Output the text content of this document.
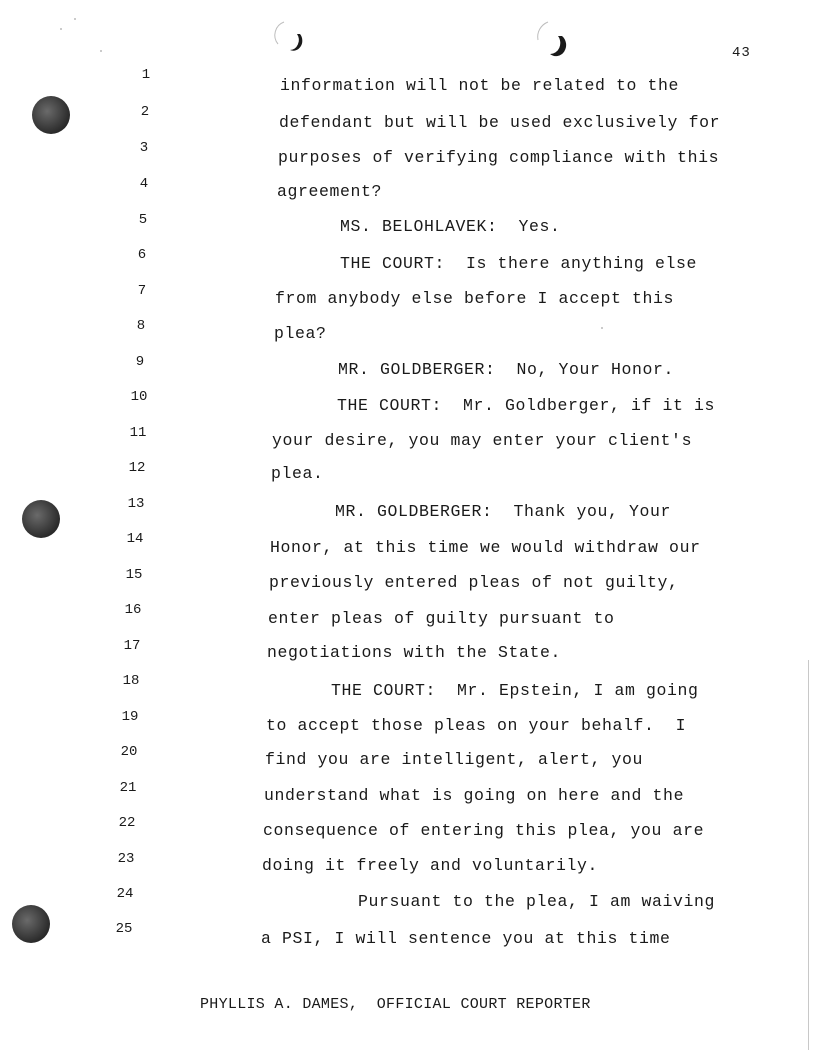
43
1
information will not be related to the
2
defendant but will be used exclusively for
3	purposes of verifying compliance with this
4	agreement?
5	MS. BELOHLAVEK:  Yes.
6	THE COURT:  Is there anything else
7	from anybody else before I accept this
8	plea?
9	MR. GOLDBERGER:  No, Your Honor.
10	THE COURT:  Mr. Goldberger, if it is
11	your desire, you may enter your client's
12	plea.
13	MR. GOLDBERGER:  Thank you, Your
14	Honor, at this time we would withdraw our
15	previously entered pleas of not guilty,
16	enter pleas of guilty pursuant to
17	negotiations with the State.
18	THE COURT:  Mr. Epstein, I am going
19	to accept those pleas on your behalf.  I
20	find you are intelligent, alert, you
21	understand what is going on here and the
22	consequence of entering this plea, you are
23	doing it freely and voluntarily.
24	Pursuant to the plea, I am waiving
25	a PSI, I will sentence you at this time
PHYLLIS A. DAMES,  OFFICIAL COURT REPORTER
